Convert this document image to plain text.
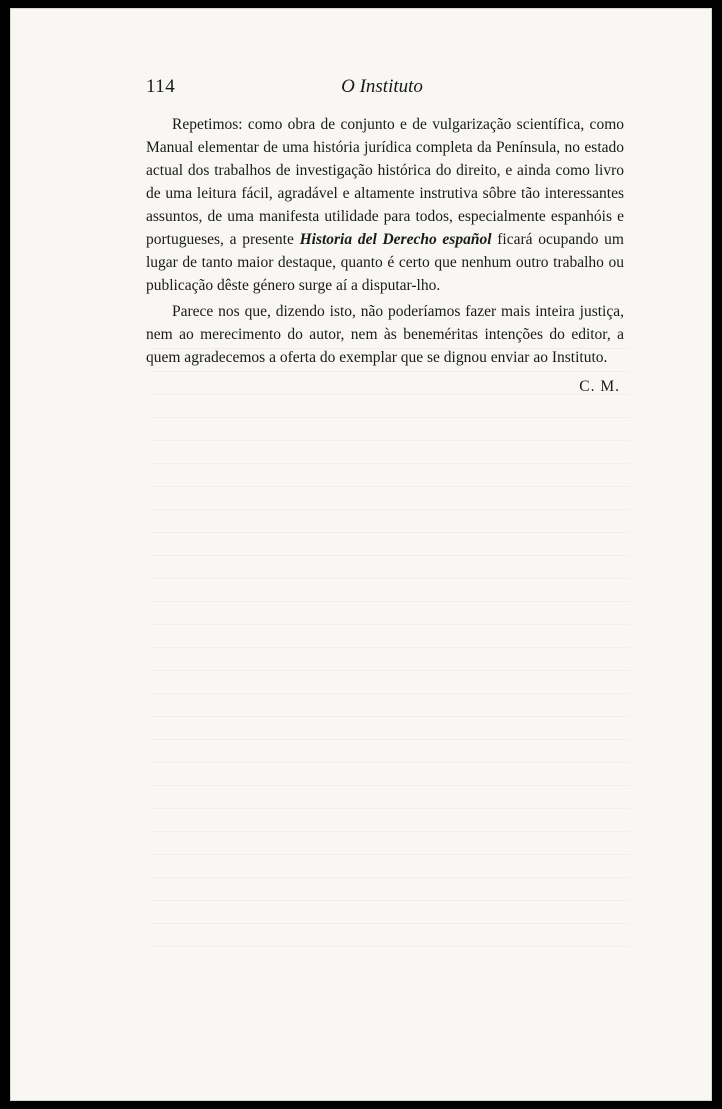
114	O Instituto

Repetimos: como obra de conjunto e de vulgarização scientífica, como Manual elementar de uma história jurídica completa da Península, no estado actual dos trabalhos de investigação histórica do direito, e ainda como livro de uma leitura fácil, agradável e altamente instrutiva sôbre tão interessantes assuntos, de uma manifesta utilidade para todos, especialmente espanhóis e portugueses, a presente Historia del Derecho español ficará ocupando um lugar de tanto maior destaque, quanto é certo que nenhum outro trabalho ou publicação dêste género surge aí a disputar-lho.

Parece nos que, dizendo isto, não poderíamos fazer mais inteira justiça, nem ao merecimento do autor, nem às beneméritas intenções do editor, a quem agradecemos a oferta do exemplar que se dignou enviar ao Instituto.

C. M.
